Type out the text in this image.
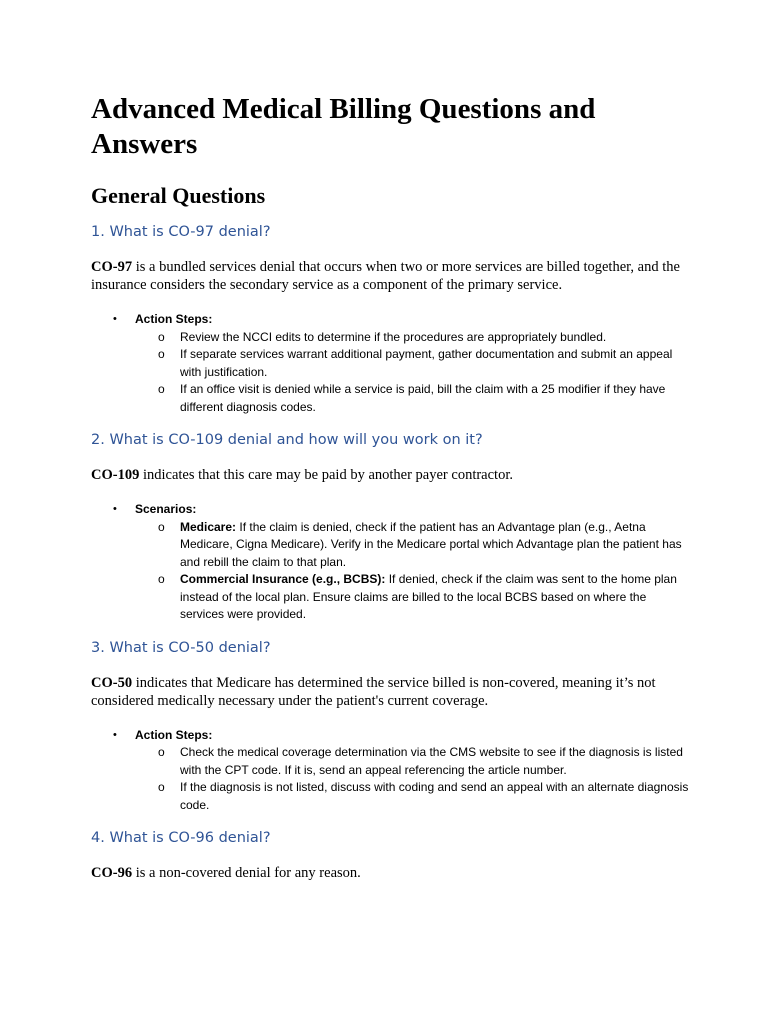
Advanced Medical Billing Questions and Answers
General Questions
1. What is CO-97 denial?

CO-97 is a bundled services denial that occurs when two or more services are billed together, and the insurance considers the secondary service as a component of the primary service.

• Action Steps:
o Review the NCCI edits to determine if the procedures are appropriately bundled.
o If separate services warrant additional payment, gather documentation and submit an appeal with justification.
o If an office visit is denied while a service is paid, bill the claim with a 25 modifier if they have different diagnosis codes.
2. What is CO-109 denial and how will you work on it?

CO-109 indicates that this care may be paid by another payer contractor.

• Scenarios:
o Medicare: If the claim is denied, check if the patient has an Advantage plan (e.g., Aetna Medicare, Cigna Medicare). Verify in the Medicare portal which Advantage plan the patient has and rebill the claim to that plan.
o Commercial Insurance (e.g., BCBS): If denied, check if the claim was sent to the home plan instead of the local plan. Ensure claims are billed to the local BCBS based on where the services were provided.
3. What is CO-50 denial?

CO-50 indicates that Medicare has determined the service billed is non-covered, meaning it’s not considered medically necessary under the patient's current coverage.

• Action Steps:
o Check the medical coverage determination via the CMS website to see if the diagnosis is listed with the CPT code. If it is, send an appeal referencing the article number.
o If the diagnosis is not listed, discuss with coding and send an appeal with an alternate diagnosis code.
4. What is CO-96 denial?

CO-96 is a non-covered denial for any reason.
